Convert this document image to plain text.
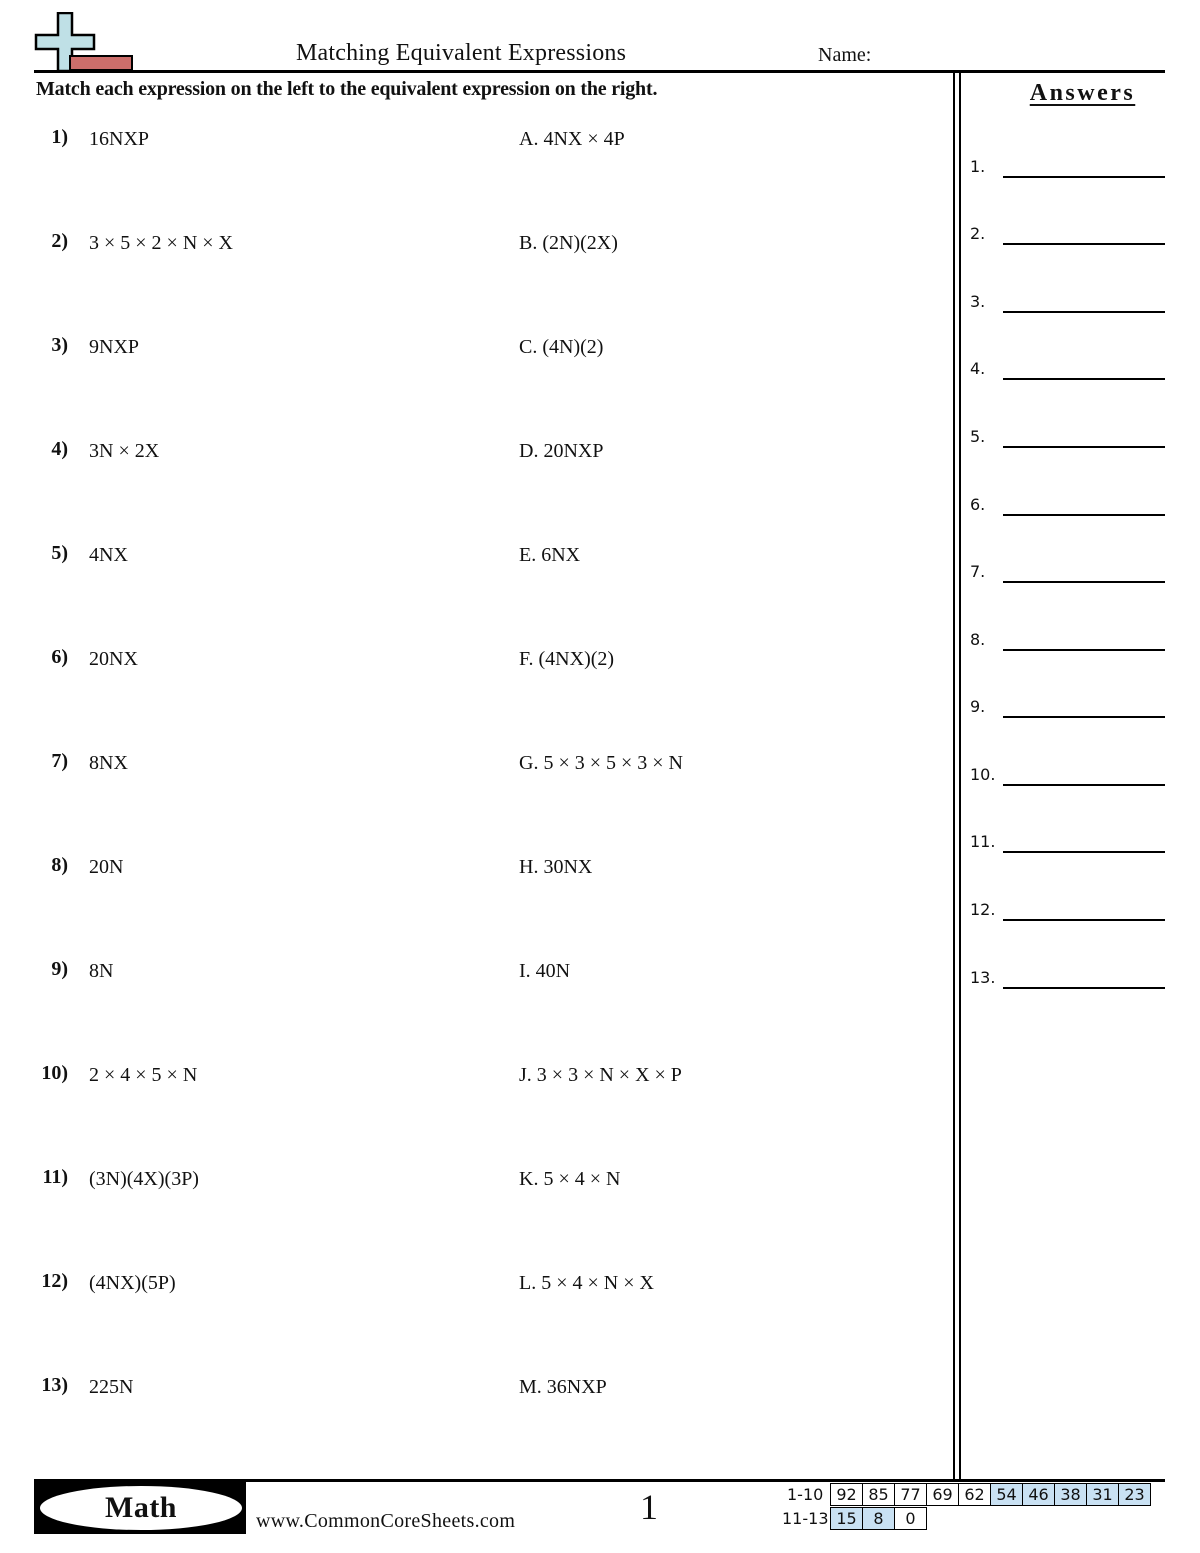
Matching Equivalent Expressions	Name:
Match each expression on the left to the equivalent expression on the right.	Answers
1) 16NXP	A. 4NX × 4P
2) 3 × 5 × 2 × N × X	B. (2N)(2X)
3) 9NXP	C. (4N)(2)
4) 3N × 2X	D. 20NXP
5) 4NX	E. 6NX
6) 20NX	F. (4NX)(2)
7) 8NX	G. 5 × 3 × 5 × 3 × N
8) 20N	H. 30NX
9) 8N	I. 40N
10) 2 × 4 × 5 × N	J. 3 × 3 × N × X × P
11) (3N)(4X)(3P)	K. 5 × 4 × N
12) (4NX)(5P)	L. 5 × 4 × N × X
13) 225N	M. 36NXP
1.
2.
3.
4.
5.
6.
7.
8.
9.
10.
11.
12.
13.
Math	www.CommonCoreSheets.com	1	1-10 92 85 77 69 62 54 46 38 31 23
11-13 15	8	0
